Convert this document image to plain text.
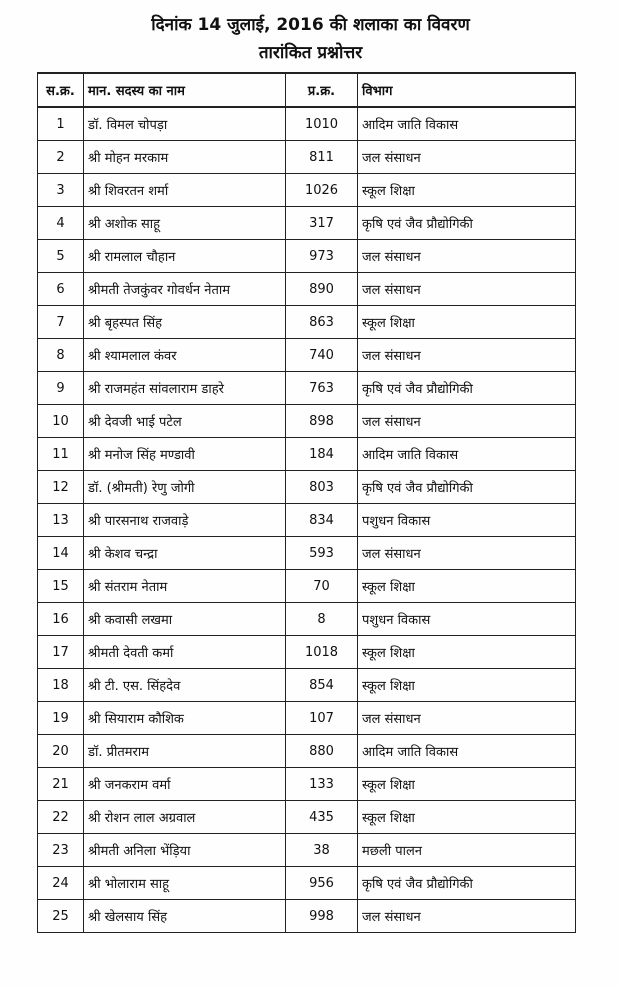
दिनांक 14 जुलाई, 2016 की शलाका का विवरण
तारांकित प्रश्नोत्तर
स.क्र.	मान. सदस्य का नाम	प्र.क्र.	विभाग
1	डॉ. विमल चोपड़ा	1010	आदिम जाति विकास
2	श्री मोहन मरकाम	811	जल संसाधन
3	श्री शिवरतन शर्मा	1026	स्कूल शिक्षा
4	श्री अशोक साहू	317	कृषि एवं जैव प्रौद्योगिकी
5	श्री रामलाल चौहान	973	जल संसाधन
6	श्रीमती तेजकुंवर गोवर्धन नेताम	890	जल संसाधन
7	श्री बृहस्पत सिंह	863	स्कूल शिक्षा
8	श्री श्यामलाल कंवर	740	जल संसाधन
9	श्री राजमहंत सांवलाराम डाहरे	763	कृषि एवं जैव प्रौद्योगिकी
10	श्री देवजी भाई पटेल	898	जल संसाधन
11	श्री मनोज सिंह मण्डावी	184	आदिम जाति विकास
12	डॉ. (श्रीमती) रेणु जोगी	803	कृषि एवं जैव प्रौद्योगिकी
13	श्री पारसनाथ राजवाड़े	834	पशुधन विकास
14	श्री केशव चन्द्रा	593	जल संसाधन
15	श्री संतराम नेताम	70	स्कूल शिक्षा
16	श्री कवासी लखमा	8	पशुधन विकास
17	श्रीमती देवती कर्मा	1018	स्कूल शिक्षा
18	श्री टी. एस. सिंहदेव	854	स्कूल शिक्षा
19	श्री सियाराम कौशिक	107	जल संसाधन
20	डॉ. प्रीतमराम	880	आदिम जाति विकास
21	श्री जनकराम वर्मा	133	स्कूल शिक्षा
22	श्री रोशन लाल अग्रवाल	435	स्कूल शिक्षा
23	श्रीमती अनिला भेंड़िया	38	मछली पालन
24	श्री भोलाराम साहू	956	कृषि एवं जैव प्रौद्योगिकी
25	श्री खेलसाय सिंह	998	जल संसाधन
